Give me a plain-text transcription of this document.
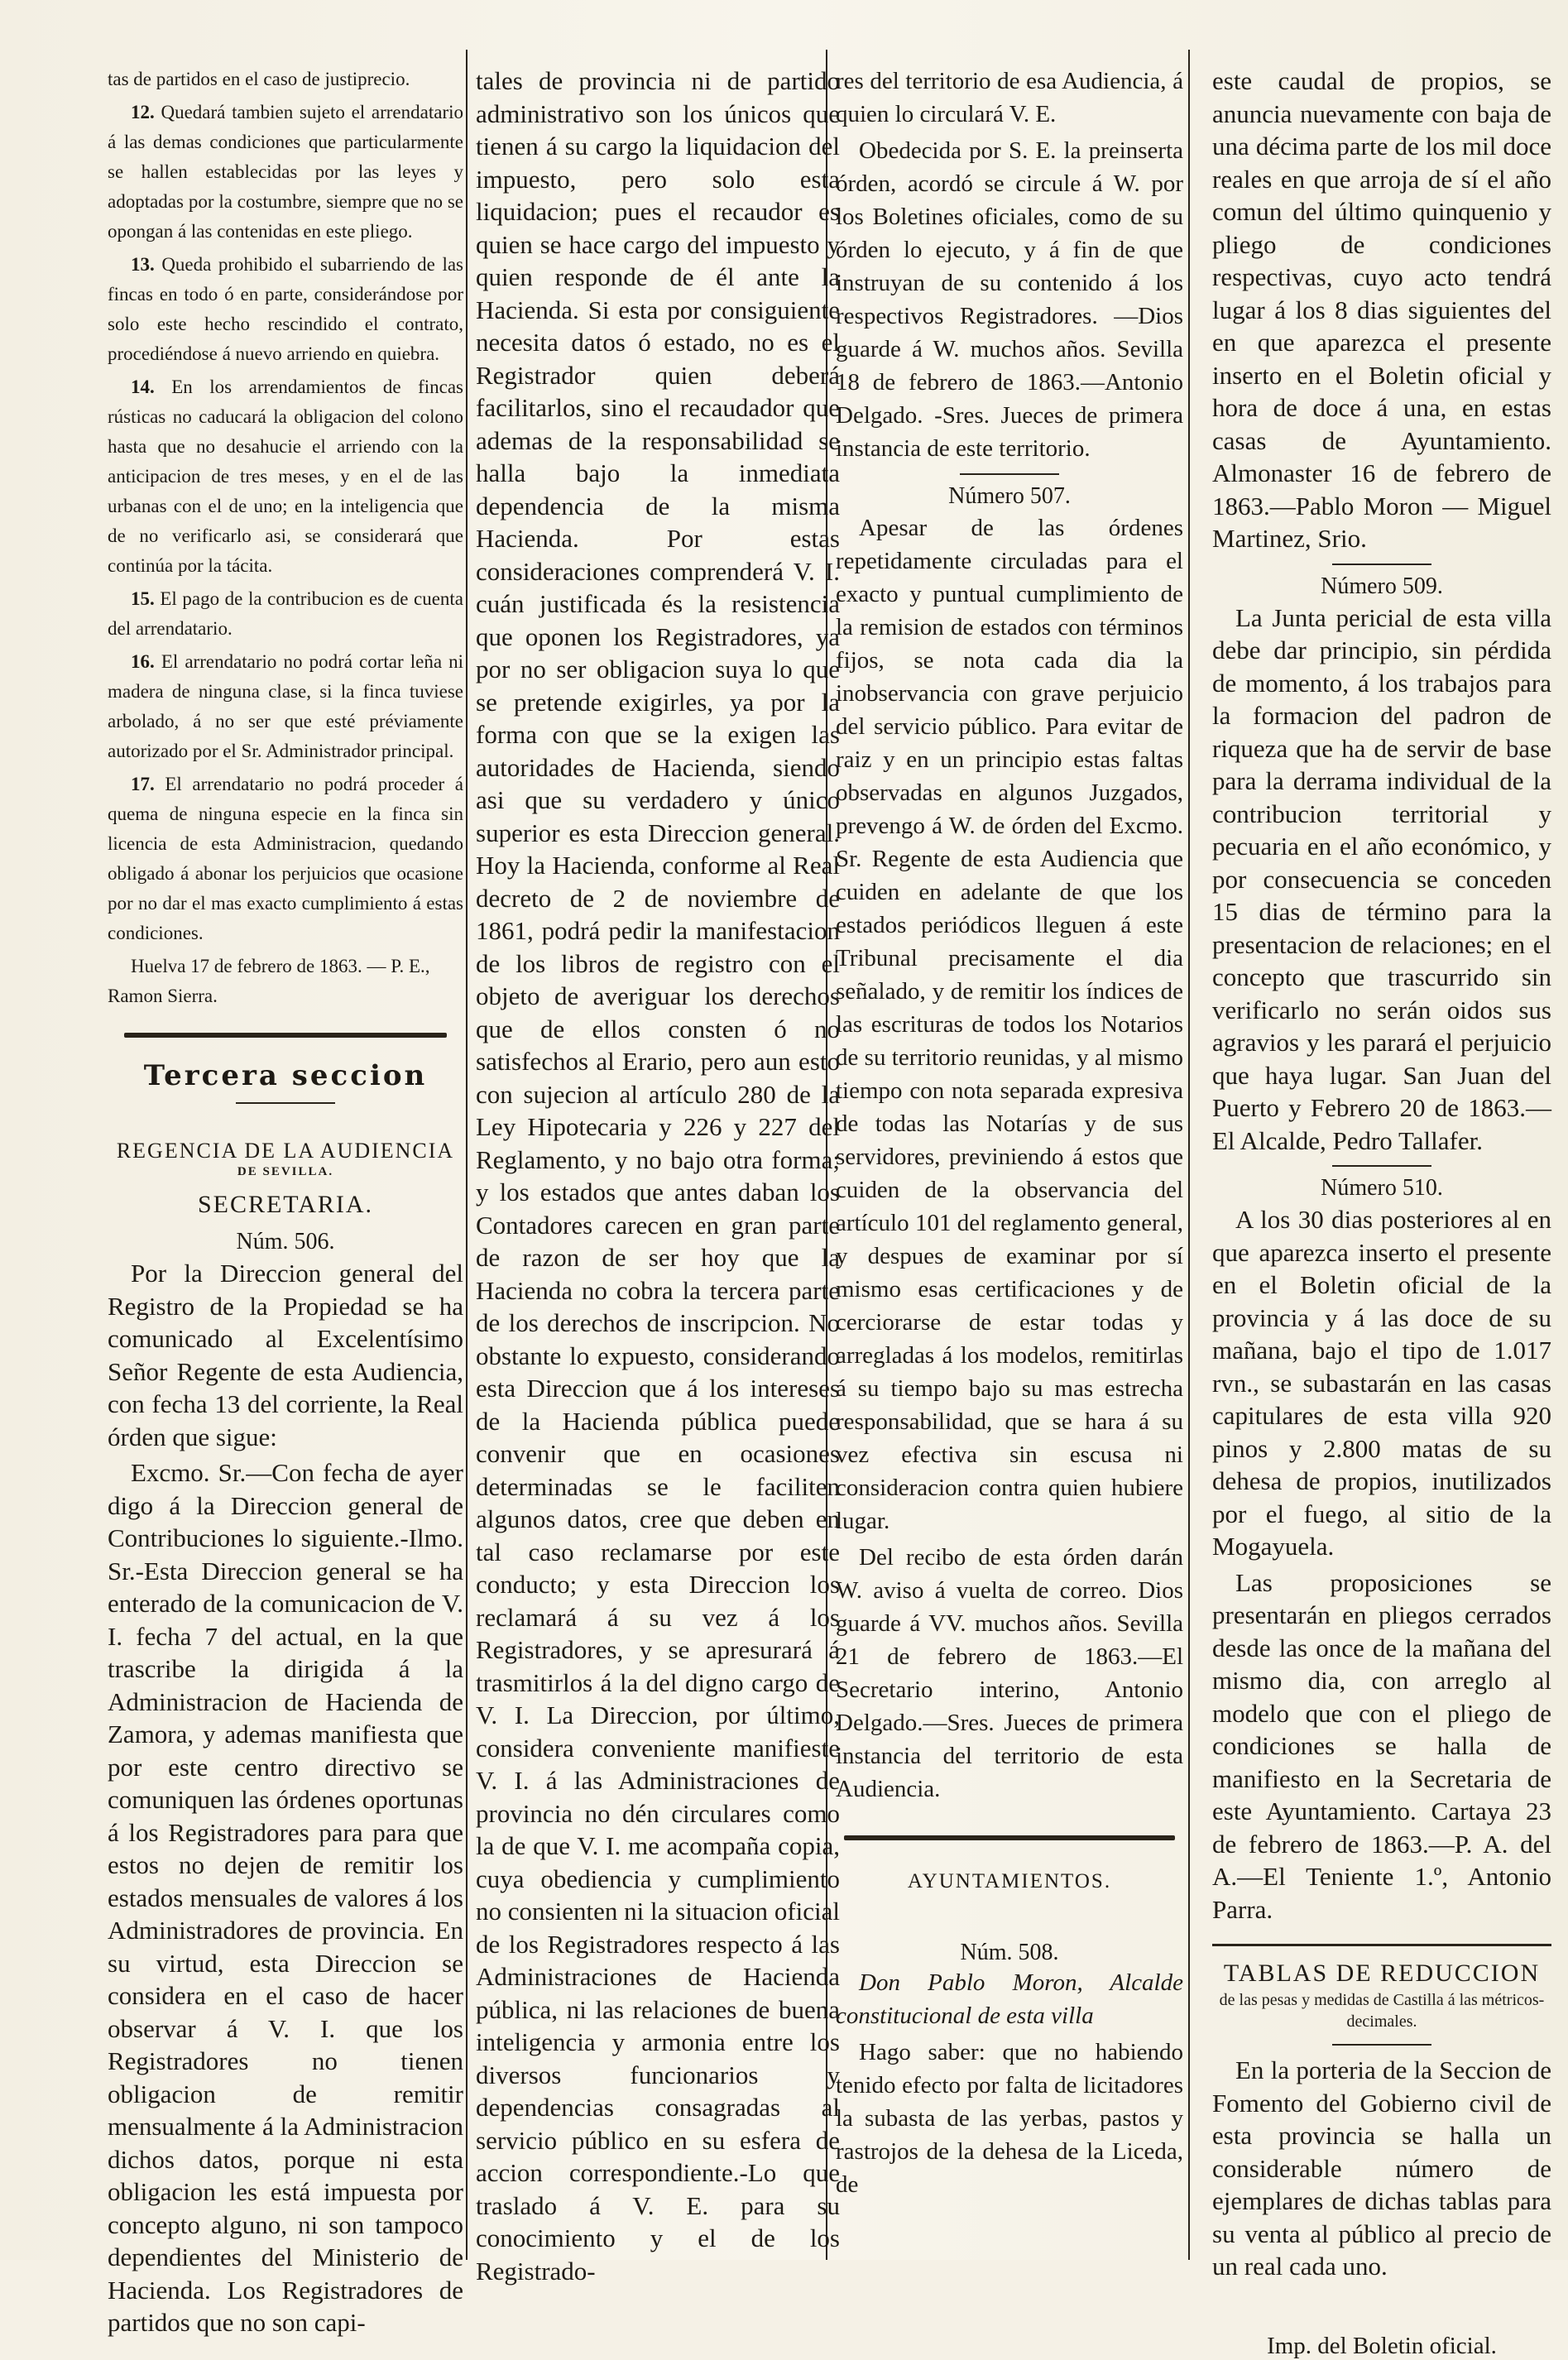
tas de partidos en el caso de justiprecio.

12. Quedará tambien sujeto el arrendatario á las demas condiciones que particularmente se hallen establecidas por las leyes y adoptadas por la costumbre, siempre que no se opongan á las contenidas en este pliego.

13. Queda prohibido el subarriendo de las fincas en todo ó en parte, considerándose por solo este hecho rescindido el contrato, procediéndose á nuevo arriendo en quiebra.

14. En los arrendamientos de fincas rústicas no caducará la obligacion del colono hasta que no desahucie el arriendo con la anticipacion de tres meses, y en el de las urbanas con el de uno; en la inteligencia que de no verificarlo asi, se considerará que continúa por la tácita.

15. El pago de la contribucion es de cuenta del arrendatario.

16. El arrendatario no podrá cortar leña ni madera de ninguna clase, si la finca tuviese arbolado, á no ser que esté préviamente autorizado por el Sr. Administrador principal.

17. El arrendatario no podrá proceder á quema de ninguna especie en la finca sin licencia de esta Administracion, quedando obligado á abonar los perjuicios que ocasione por no dar el mas exacto cumplimiento á estas condiciones.

Huelva 17 de febrero de 1863. — P. E., Ramon Sierra.

Tercera seccion

REGENCIA DE LA AUDIENCIA

DE SEVILLA.

SECRETARIA.

Núm. 506.

Por la Direccion general del Registro de la Propiedad se ha comunicado al Excelentísimo Señor Regente de esta Audiencia, con fecha 13 del corriente, la Real órden que sigue:

Excmo. Sr.—Con fecha de ayer digo á la Direccion general de Contribuciones lo siguiente.-Ilmo. Sr.-Esta Direccion general se ha enterado de la comunicacion de V. I. fecha 7 del actual, en la que trascribe la dirigida á la Administracion de Hacienda de Zamora, y ademas manifiesta que por este centro directivo se comuniquen las órdenes oportunas á los Registradores para para que estos no dejen de remitir los estados mensuales de valores á los Administradores de provincia. En su virtud, esta Direccion se considera en el caso de hacer observar á V. I. que los Registradores no tienen obligacion de remitir mensualmente á la Administracion dichos datos, porque ni esta obligacion les está impuesta por concepto alguno, ni son tampoco dependientes del Ministerio de Hacienda. Los Registradores de partidos que no son capi-

tales de provincia ni de partido administrativo son los únicos que tienen á su cargo la liquidacion del impuesto, pero solo esta liquidacion; pues el recaudor es quien se hace cargo del impuesto y quien responde de él ante la Hacienda. Si esta por consiguiente necesita datos ó estado, no es el Registrador quien deberá facilitarlos, sino el recaudador que ademas de la responsabilidad se halla bajo la inmediata dependencia de la misma Hacienda. Por estas consideraciones comprenderá V. I. cuán justificada és la resistencia que oponen los Registradores, ya por no ser obligacion suya lo que se pretende exigirles, ya por la forma con que se la exigen las autoridades de Hacienda, siendo asi que su verdadero y único superior es esta Direccion general. Hoy la Hacienda, conforme al Real decreto de 2 de noviembre de 1861, podrá pedir la manifestacion de los libros de registro con el objeto de averiguar los derechos que de ellos consten ó no satisfechos al Erario, pero aun esto con sujecion al artículo 280 de la Ley Hipotecaria y 226 y 227 del Reglamento, y no bajo otra forma; y los estados que antes daban los Contadores carecen en gran parte de razon de ser hoy que la Hacienda no cobra la tercera parte de los derechos de inscripcion. No obstante lo expuesto, considerando esta Direccion que á los intereses de la Hacienda pública puede convenir que en ocasiones determinadas se le faciliten algunos datos, cree que deben en tal caso reclamarse por este conducto; y esta Direccion los reclamará á su vez á los Registradores, y se apresurará á trasmitirlos á la del digno cargo de V. I. La Direccion, por último, considera conveniente manifieste V. I. á las Administraciones de provincia no dén circulares como la de que V. I. me acompaña copia, cuya obediencia y cumplimiento no consienten ni la situacion oficial de los Registradores respecto á las Administraciones de Hacienda pública, ni las relaciones de buena inteligencia y armonia entre los diversos funcionarios y dependencias consagradas al servicio público en su esfera de accion correspondiente.-Lo que traslado á V. E. para su conocimiento y el de los Registrado-

res del territorio de esa Audiencia, á quien lo circulará V. E.

Obedecida por S. E. la preinserta órden, acordó se circule á W. por los Boletines oficiales, como de su órden lo ejecuto, y á fin de que instruyan de su contenido á los respectivos Registradores. —Dios guarde á W. muchos años. Sevilla 18 de febrero de 1863.—Antonio Delgado. -Sres. Jueces de primera instancia de este territorio.

Número 507.

Apesar de las órdenes repetidamente circuladas para el exacto y puntual cumplimiento de la remision de estados con términos fijos, se nota cada dia la inobservancia con grave perjuicio del servicio público. Para evitar de raiz y en un principio estas faltas observadas en algunos Juzgados, prevengo á W. de órden del Excmo. Sr. Regente de esta Audiencia que cuiden en adelante de que los estados periódicos lleguen á este Tribunal precisamente el dia señalado, y de remitir los índices de las escrituras de todos los Notarios de su territorio reunidas, y al mismo tiempo con nota separada expresiva de todas las Notarías y de sus servidores, previniendo á estos que cuiden de la observancia del artículo 101 del reglamento general, y despues de examinar por sí mismo esas certificaciones y de cerciorarse de estar todas y arregladas á los modelos, remitirlas á su tiempo bajo su mas estrecha responsabilidad, que se hara á su vez efectiva sin escusa ni consideracion contra quien hubiere lugar.

Del recibo de esta órden darán W. aviso á vuelta de correo. Dios guarde á VV. muchos años. Sevilla 21 de febrero de 1863.—El Secretario interino, Antonio Delgado.—Sres. Jueces de primera instancia del territorio de esta Audiencia.

AYUNTAMIENTOS.

Núm. 508.

Don Pablo Moron, Alcalde constitucional de esta villa

Hago saber: que no habiendo tenido efecto por falta de licitadores la subasta de las yerbas, pastos y rastrojos de la dehesa de la Liceda, de

este caudal de propios, se anuncia nuevamente con baja de una décima parte de los mil doce reales en que arroja de sí el año comun del último quinquenio y pliego de condiciones respectivas, cuyo acto tendrá lugar á los 8 dias siguientes del en que aparezca el presente inserto en el Boletin oficial y hora de doce á una, en estas casas de Ayuntamiento. Almonaster 16 de febrero de 1863.—Pablo Moron — Miguel Martinez, Srio.

Número 509.

La Junta pericial de esta villa debe dar principio, sin pérdida de momento, á los trabajos para la formacion del padron de riqueza que ha de servir de base para la derrama individual de la contribucion territorial y pecuaria en el año económico, y por consecuencia se conceden 15 dias de término para la presentacion de relaciones; en el concepto que trascurrido sin verificarlo no serán oidos sus agravios y les parará el perjuicio que haya lugar. San Juan del Puerto y Febrero 20 de 1863.—El Alcalde, Pedro Tallafer.

Número 510.

A los 30 dias posteriores al en que aparezca inserto el presente en el Boletin oficial de la provincia y á las doce de su mañana, bajo el tipo de 1.017 rvn., se subastarán en las casas capitulares de esta villa 920 pinos y 2.800 matas de su dehesa de propios, inutilizados por el fuego, al sitio de la Mogayuela.

Las proposiciones se presentarán en pliegos cerrados desde las once de la mañana del mismo dia, con arreglo al modelo que con el pliego de condiciones se halla de manifiesto en la Secretaria de este Ayuntamiento. Cartaya 23 de febrero de 1863.—P. A. del A.—El Teniente 1.º, Antonio Parra.

TABLAS DE REDUCCION

de las pesas y medidas de Castilla á las métricos-decimales.

En la porteria de la Seccion de Fomento del Gobierno civil de esta provincia se halla un considerable número de ejemplares de dichas tablas para su venta al público al precio de un real cada uno.

Imp. del Boletin oficial.
